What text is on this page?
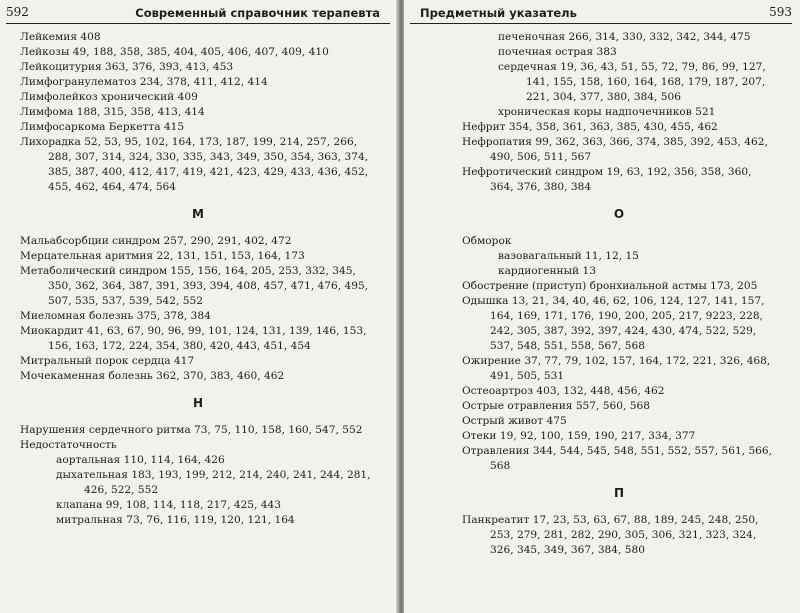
592	Современный справочник терапевта
Лейкемия 408
Лейкозы 49, 188, 358, 385, 404, 405, 406, 407, 409, 410
Лейкоцитурия 363, 376, 393, 413, 453
Лимфогранулематоз 234, 378, 411, 412, 414
Лимфолейкоз хронический 409
Лимфома 188, 315, 358, 413, 414
Лимфосаркома Беркетта 415
Лихорадка 52, 53, 95, 102, 164, 173, 187, 199, 214, 257, 266, 288, 307, 314, 324, 330, 335, 343, 349, 350, 354, 363, 374, 385, 387, 400, 412, 417, 419, 421, 423, 429, 433, 436, 452, 455, 462, 464, 474, 564
М
Мальабсорбции синдром 257, 290, 291, 402, 472
Мерцательная аритмия 22, 131, 151, 153, 164, 173
Метаболический синдром 155, 156, 164, 205, 253, 332, 345, 350, 362, 364, 387, 391, 393, 394, 408, 457, 471, 476, 495, 507, 535, 537, 539, 542, 552
Миеломная болезнь 375, 378, 384
Миокардит 41, 63, 67, 90, 96, 99, 101, 124, 131, 139, 146, 153, 156, 163, 172, 224, 354, 380, 420, 443, 451, 454
Митральный порок сердца 417
Мочекаменная болезнь 362, 370, 383, 460, 462
Н
Нарушения сердечного ритма 73, 75, 110, 158, 160, 547, 552
Недостаточность
аортальная 110, 114, 164, 426
дыхательная 183, 193, 199, 212, 214, 240, 241, 244, 281, 426, 522, 552
клапана 99, 108, 114, 118, 217, 425, 443
митральная 73, 76, 116, 119, 120, 121, 164
Предметный указатель	593
печеночная 266, 314, 330, 332, 342, 344, 475
почечная острая 383
сердечная 19, 36, 43, 51, 55, 72, 79, 86, 99, 127, 141, 155, 158, 160, 164, 168, 179, 187, 207, 221, 304, 377, 380, 384, 506
хроническая коры надпочечников 521
Нефрит 354, 358, 361, 363, 385, 430, 455, 462
Нефропатия 99, 362, 363, 366, 374, 385, 392, 453, 462, 490, 506, 511, 567
Нефротический синдром 19, 63, 192, 356, 358, 360, 364, 376, 380, 384
О
Обморок
вазовагальный 11, 12, 15
кардиогенный 13
Обострение (приступ) бронхиальной астмы 173, 205
Одышка 13, 21, 34, 40, 46, 62, 106, 124, 127, 141, 157, 164, 169, 171, 176, 190, 200, 205, 217, 9223, 228, 242, 305, 387, 392, 397, 424, 430, 474, 522, 529, 537, 548, 551, 558, 567, 568
Ожирение 37, 77, 79, 102, 157, 164, 172, 221, 326, 468, 491, 505, 531
Остеоартроз 403, 132, 448, 456, 462
Острые отравления 557, 560, 568
Острый живот 475
Отеки 19, 92, 100, 159, 190, 217, 334, 377
Отравления 344, 544, 545, 548, 551, 552, 557, 561, 566, 568
П
Панкреатит 17, 23, 53, 63, 67, 88, 189, 245, 248, 250, 253, 279, 281, 282, 290, 305, 306, 321, 323, 324, 326, 345, 349, 367, 384, 580
